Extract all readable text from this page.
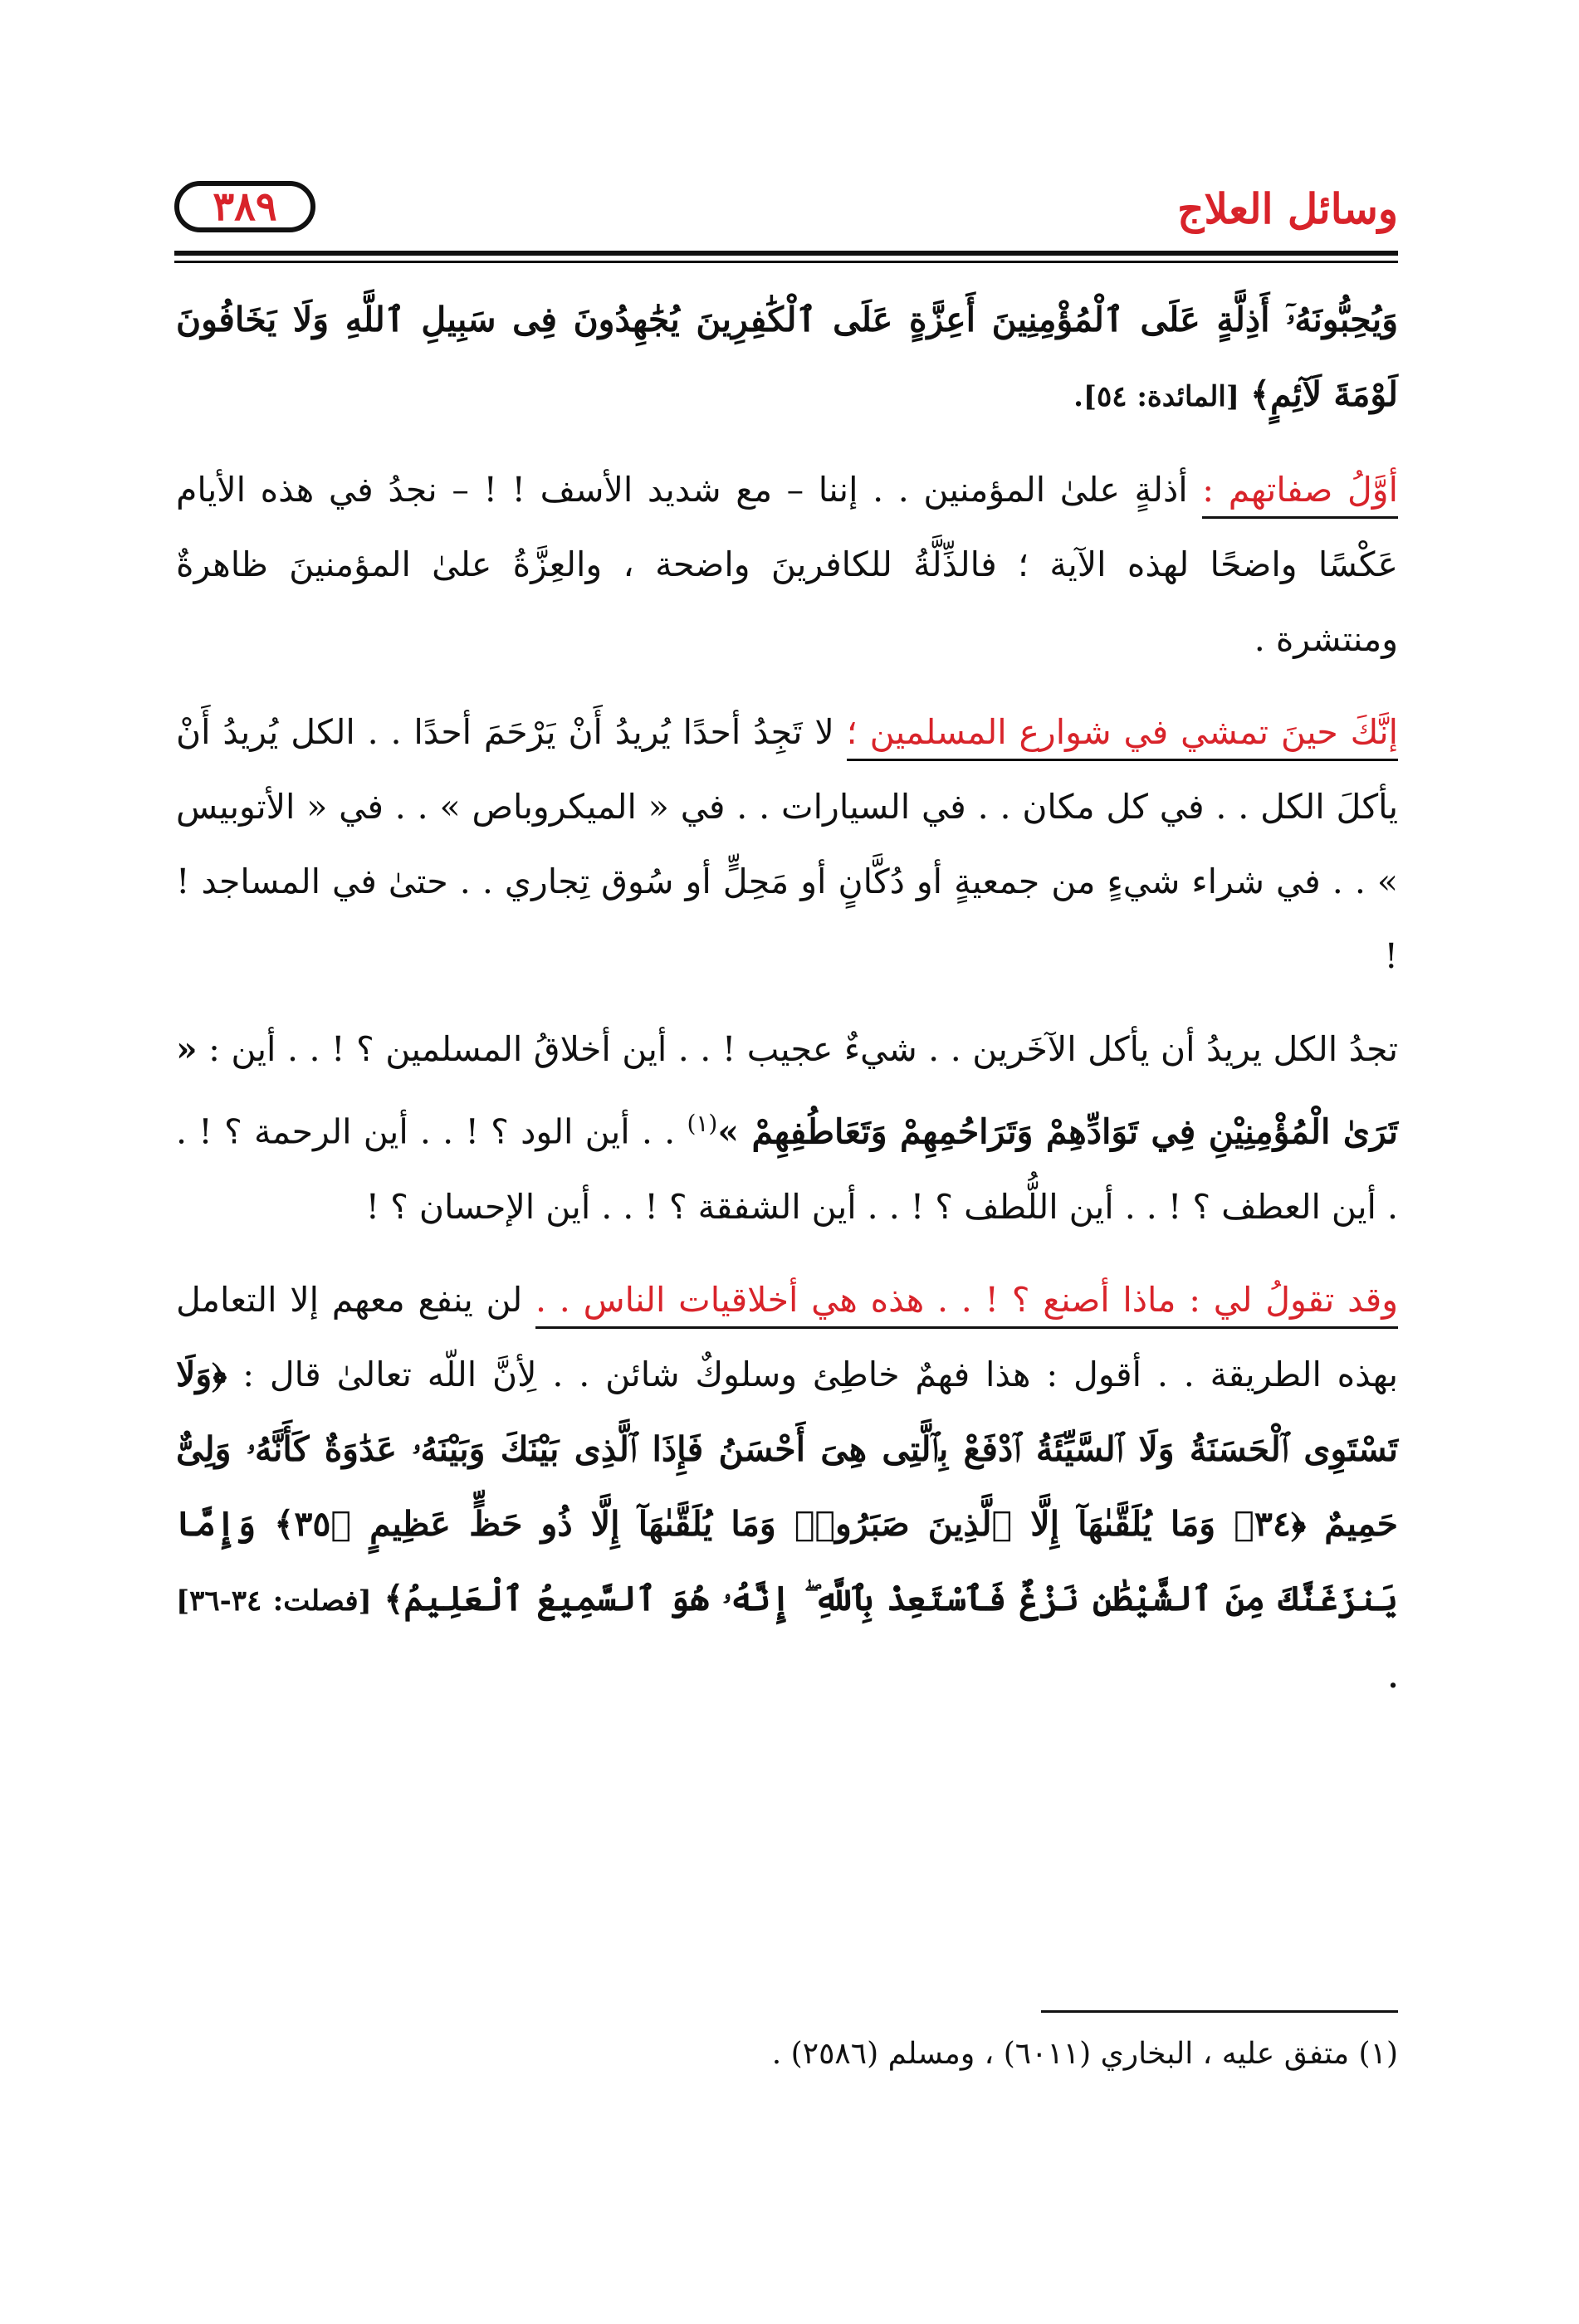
وسائل العلاج
٣٨٩

وَيُحِبُّونَهُۥٓ أَذِلَّةٍ عَلَى ٱلْمُؤْمِنِينَ أَعِزَّةٍ عَلَى ٱلْكَٰفِرِينَ يُجَٰهِدُونَ فِى سَبِيلِ ٱللَّهِ وَلَا يَخَافُونَ لَوْمَةَ لَآئِمٍ﴾ [المائدة: ٥٤].

أوَّلُ صفاتهم : أذلةٍ علىٰ المؤمنين . . إننا – مع شديد الأسف ! ! – نجدُ في هذه الأيام عَكْسًا واضحًا لهذه الآية ؛ فالذِّلَّةُ للكافرينَ واضحة ، والعِزَّةُ علىٰ المؤمنينَ ظاهرةٌ ومنتشرة .

إنَّكَ حينَ تمشي في شوارع المسلمين ؛ لا تَجِدُ أحدًا يُريدُ أَنْ يَرْحَمَ أحدًا . . الكل يُريدُ أَنْ يأكلَ الكل . . في كل مكان . . في السيارات . . في « الميكروباص » . . في « الأتوبيس » . . في شراء شيءٍ من جمعيةٍ أو دُكَّانٍ أو مَحِلٍّ أو سُوق تِجاري . . حتىٰ في المساجد ! !

تجدُ الكل يريدُ أن يأكل الآخَرين . . شيءٌ عجيب ! . . أين أخلاقُ المسلمين ؟ ! . . أين : « تَرَىٰ الْمُؤْمِنِيْنِ فِي تَوَادِّهِمْ وَتَرَاحُمِهِمْ وَتَعَاطُفِهِمْ »$^{(١)}$ . . أين الود ؟ ! . . أين الرحمة ؟ ! . . أين العطف ؟ ! . . أين اللُّطف ؟ ! . . أين الشفقة ؟ ! . . أين الإحسان ؟ !

وقد تقولُ لي : ماذا أصنع ؟ ! . . هذه هي أخلاقيات الناس . . لن ينفع معهم إلا التعامل بهذه الطريقة . . أقول : هذا فهمٌ خاطِئ وسلوكٌ شائن . . لِأنَّ اللّه تعالىٰ قال : ﴿وَلَا تَسْتَوِى ٱلْحَسَنَةُ وَلَا ٱلسَّيِّئَةُ ٱدْفَعْ بِٱلَّتِى هِىَ أَحْسَنُ فَإِذَا ٱلَّذِى بَيْنَكَ وَبَيْنَهُۥ عَدَٰوَةٌ كَأَنَّهُۥ وَلِىٌّ حَمِيمٌ ﴿٣٤﴾ وَمَا يُلَقَّىٰهَآ إِلَّا ٱلَّذِينَ صَبَرُوا۟ وَمَا يُلَقَّىٰهَآ إِلَّا ذُو حَظٍّ عَظِيمٍ ﴿٣٥﴾ وَإِمَّا يَنزَغَنَّكَ مِنَ ٱلشَّيْطَٰنِ نَزْغٌ فَٱسْتَعِذْ بِٱللَّهِ ۖ إِنَّهُۥ هُوَ ٱلسَّمِيعُ ٱلْعَلِيمُ﴾ [فصلت: ٣٤-٣٦] .

(١) متفق عليه ، البخاري (٦٠١١) ، ومسلم (٢٥٨٦) .
